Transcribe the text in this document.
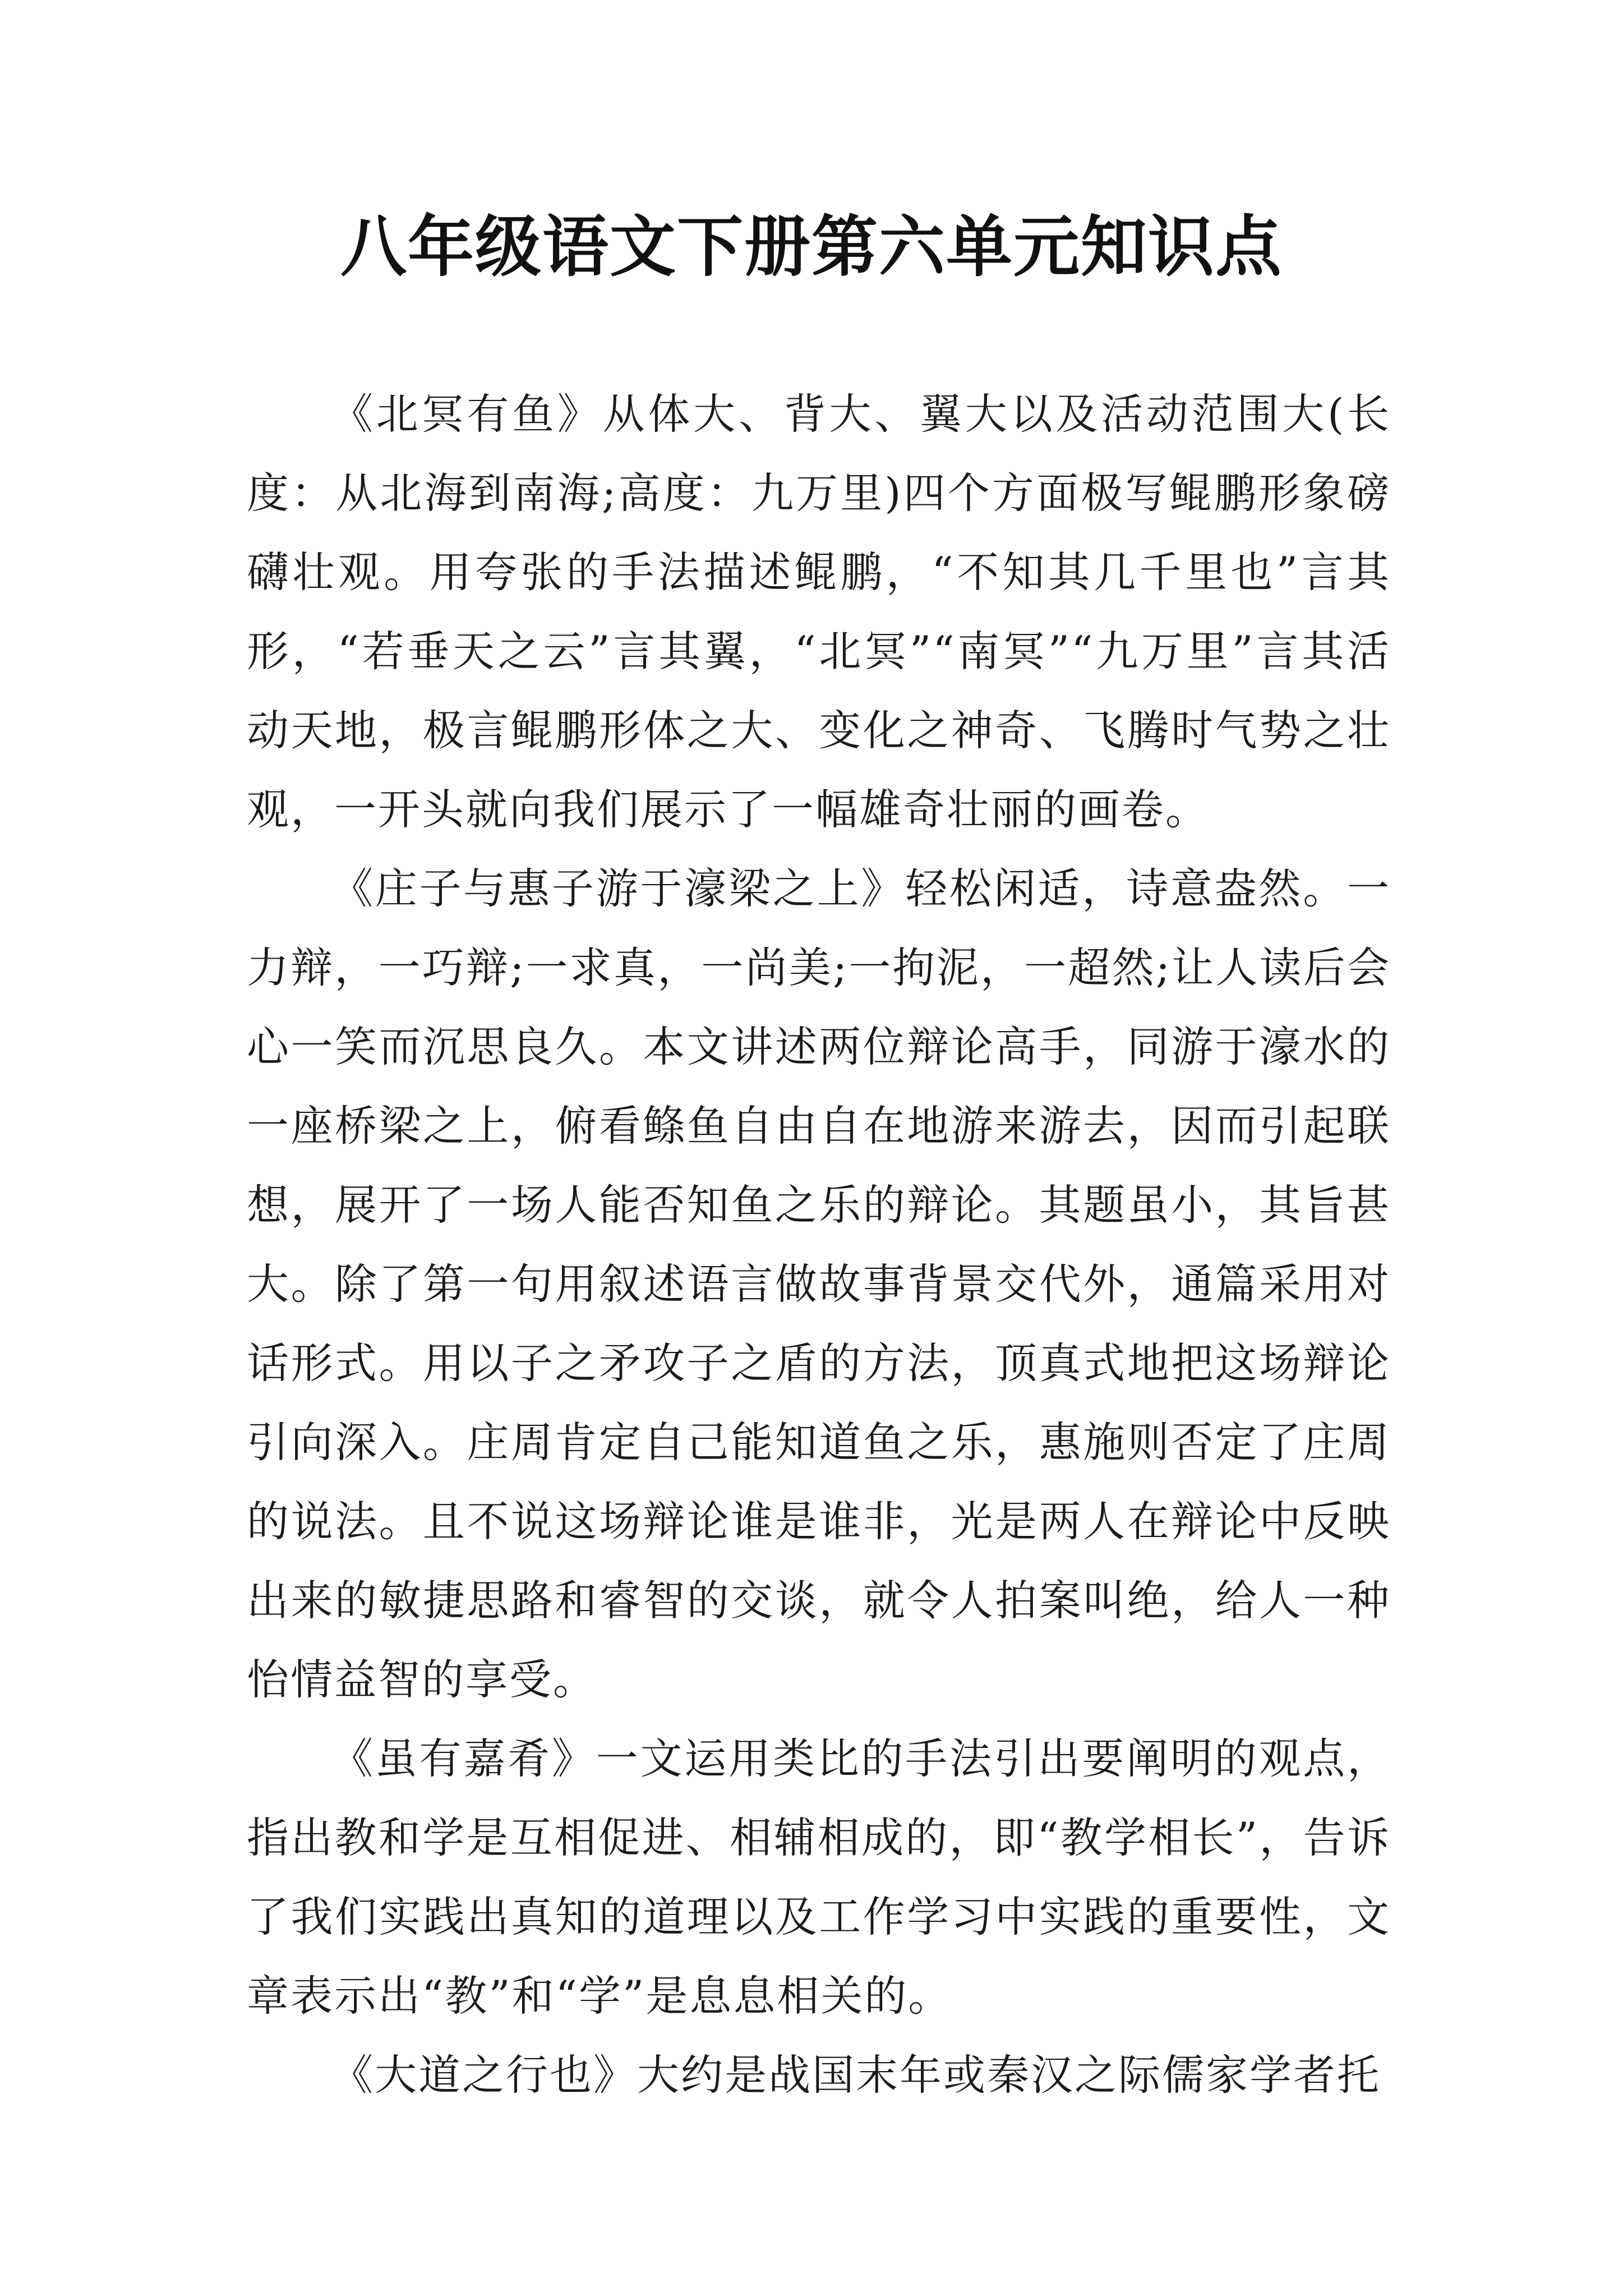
八年级语文下册第六单元知识点

《北冥有鱼》从体大、背大、翼大以及活动范围大(长度：从北海到南海;高度：九万里)四个方面极写鲲鹏形象磅礴壮观。用夸张的手法描述鲲鹏，“不知其几千里也”言其形，“若垂天之云”言其翼，“北冥”“南冥”“九万里”言其活动天地，极言鲲鹏形体之大、变化之神奇、飞腾时气势之壮观，一开头就向我们展示了一幅雄奇壮丽的画卷。

《庄子与惠子游于濠梁之上》轻松闲适，诗意盎然。一力辩，一巧辩;一求真，一尚美;一拘泥，一超然;让人读后会心一笑而沉思良久。本文讲述两位辩论高手，同游于濠水的一座桥梁之上，俯看鲦鱼自由自在地游来游去，因而引起联想，展开了一场人能否知鱼之乐的辩论。其题虽小，其旨甚大。除了第一句用叙述语言做故事背景交代外，通篇采用对话形式。用以子之矛攻子之盾的方法，顶真式地把这场辩论引向深入。庄周肯定自己能知道鱼之乐，惠施则否定了庄周的说法。且不说这场辩论谁是谁非，光是两人在辩论中反映出来的敏捷思路和睿智的交谈，就令人拍案叫绝，给人一种怡情益智的享受。

《虽有嘉肴》一文运用类比的手法引出要阐明的观点，指出教和学是互相促进、相辅相成的，即“教学相长”，告诉了我们实践出真知的道理以及工作学习中实践的重要性，文章表示出“教”和“学”是息息相关的。

《大道之行也》大约是战国末年或秦汉之际儒家学者托
